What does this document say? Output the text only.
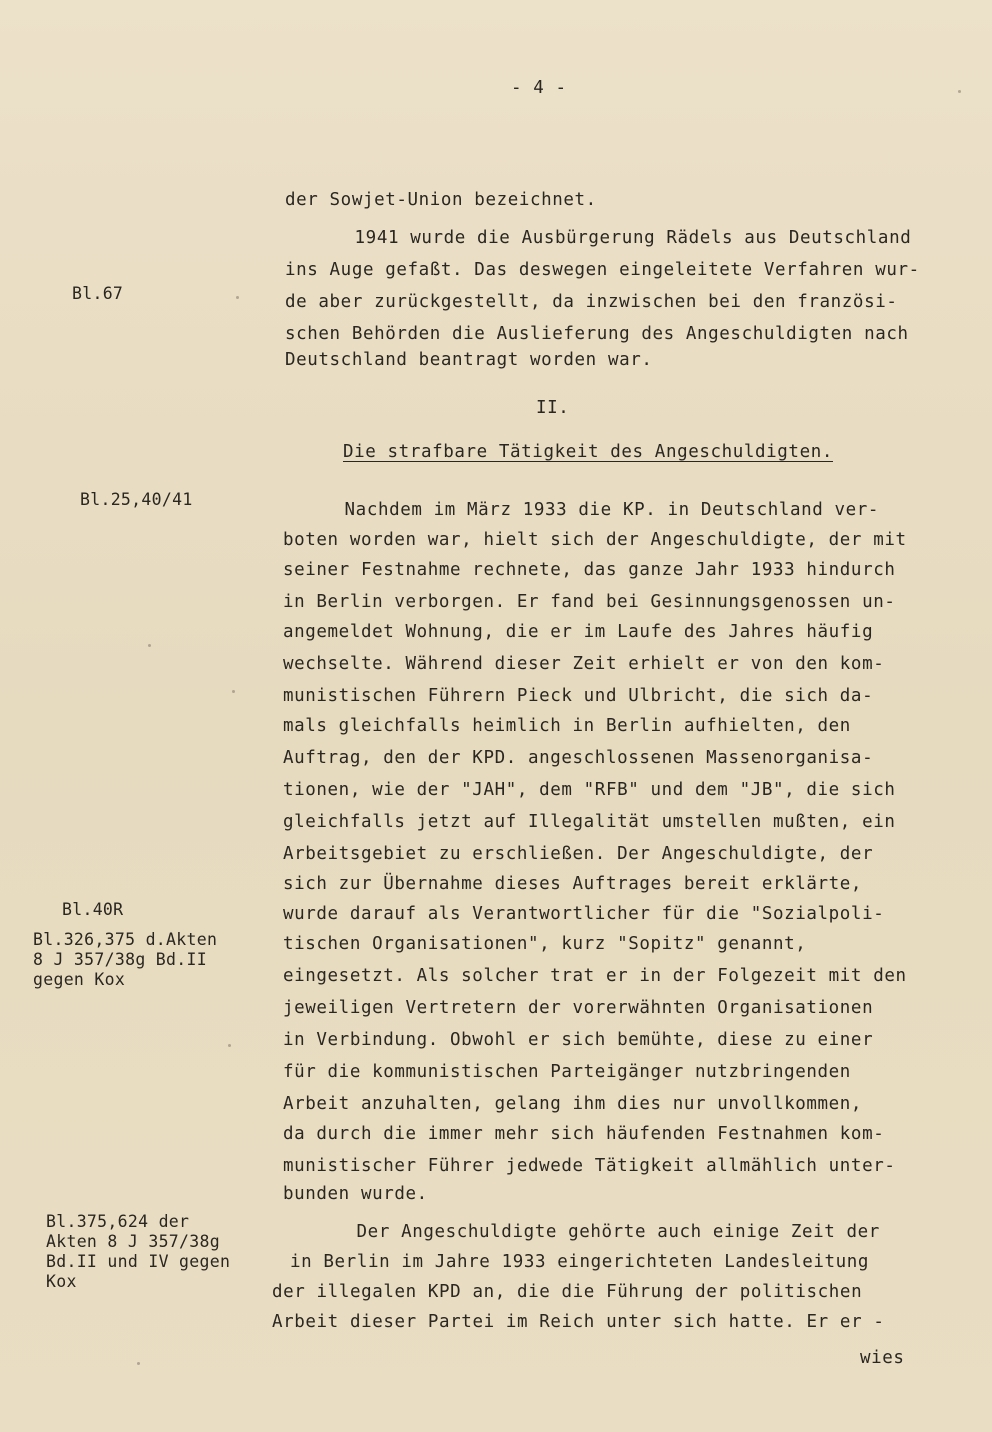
- 4 -
der Sowjet-Union bezeichnet.
1941 wurde die Ausbürgerung Rädels aus Deutschland
ins Auge gefaßt. Das deswegen eingeleitete Verfahren wur-
de aber zurückgestellt, da inzwischen bei den französi-
schen Behörden die Auslieferung des Angeschuldigten nach
Deutschland beantragt worden war.
II.
Die strafbare Tätigkeit des Angeschuldigten.
Nachdem im März 1933 die KP. in Deutschland ver-
boten worden war, hielt sich der Angeschuldigte, der mit
seiner Festnahme rechnete, das ganze Jahr 1933 hindurch
in Berlin verborgen. Er fand bei Gesinnungsgenossen un-
angemeldet Wohnung, die er im Laufe des Jahres häufig
wechselte. Während dieser Zeit erhielt er von den kom-
munistischen Führern Pieck und Ulbricht, die sich da-
mals gleichfalls heimlich in Berlin aufhielten, den
Auftrag, den der KPD. angeschlossenen Massenorganisa-
tionen, wie der "JAH", dem "RFB" und dem "JB", die sich
gleichfalls jetzt auf Illegalität umstellen mußten, ein
Arbeitsgebiet zu erschließen. Der Angeschuldigte, der
sich zur Übernahme dieses Auftrages bereit erklärte,
wurde darauf als Verantwortlicher für die "Sozialpoli-
tischen Organisationen", kurz "Sopitz" genannt,
eingesetzt. Als solcher trat er in der Folgezeit mit den
jeweiligen Vertretern der vorerwähnten Organisationen
in Verbindung. Obwohl er sich bemühte, diese zu einer
für die kommunistischen Parteigänger nutzbringenden
Arbeit anzuhalten, gelang ihm dies nur unvollkommen,
da durch die immer mehr sich häufenden Festnahmen kom-
munistischer Führer jedwede Tätigkeit allmählich unter-
bunden wurde.
Der Angeschuldigte gehörte auch einige Zeit der
in Berlin im Jahre 1933 eingerichteten Landesleitung
der illegalen KPD an, die die Führung der politischen
Arbeit dieser Partei im Reich unter sich hatte. Er er -
wies
Bl.67
Bl.25,40/41
Bl.40R
Bl.326,375 d.Akten
8 J 357/38g Bd.II
gegen Kox
Bl.375,624 der
Akten 8 J 357/38g
Bd.II und IV gegen
Kox
